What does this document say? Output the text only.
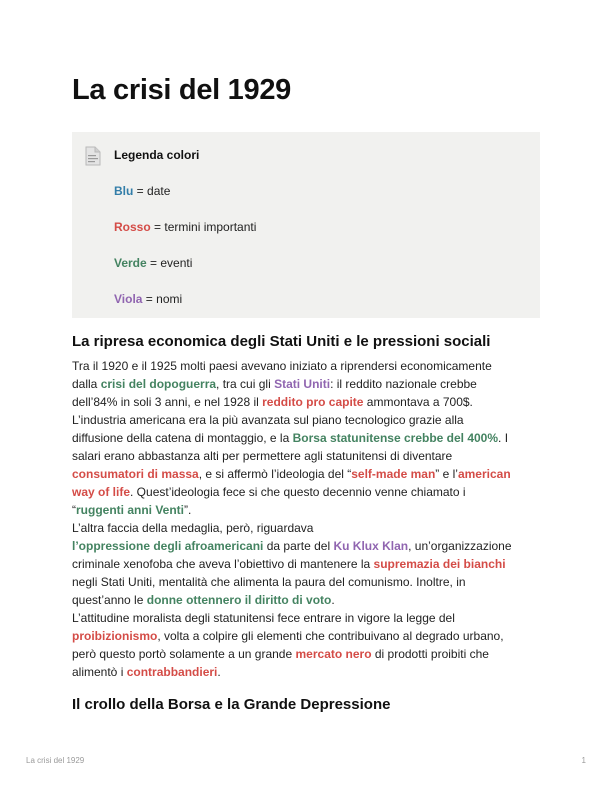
La crisi del 1929
Legenda colori
Blu = date
Rosso = termini importanti
Verde = eventi
Viola = nomi
La ripresa economica degli Stati Uniti e le pressioni sociali
Tra il 1920 e il 1925 molti paesi avevano iniziato a riprendersi economicamente
dalla crisi del dopoguerra, tra cui gli Stati Uniti: il reddito nazionale crebbe
dell’84% in soli 3 anni, e nel 1928 il reddito pro capite ammontava a 700$.
L’industria americana era la più avanzata sul piano tecnologico grazie alla
diffusione della catena di montaggio, e la Borsa statunitense crebbe del 400%. I
salari erano abbastanza alti per permettere agli statunitensi di diventare
consumatori di massa, e si affermò l’ideologia del “self-made man” e l’american
way of life. Quest’ideologia fece si che questo decennio venne chiamato i
“ruggenti anni Venti”.
L’altra faccia della medaglia, però, riguardava
l’oppressione degli afroamericani da parte del Ku Klux Klan, un’organizzazione
criminale xenofoba che aveva l’obiettivo di mantenere la supremazia dei bianchi
negli Stati Uniti, mentalità che alimenta la paura del comunismo. Inoltre, in
quest’anno le donne ottennero il diritto di voto.
L’attitudine moralista degli statunitensi fece entrare in vigore la legge del
proibizionismo, volta a colpire gli elementi che contribuivano al degrado urbano,
però questo portò solamente a un grande mercato nero di prodotti proibiti che
alimentò i contrabbandieri.
Il crollo della Borsa e la Grande Depressione
La crisi del 1929	1
